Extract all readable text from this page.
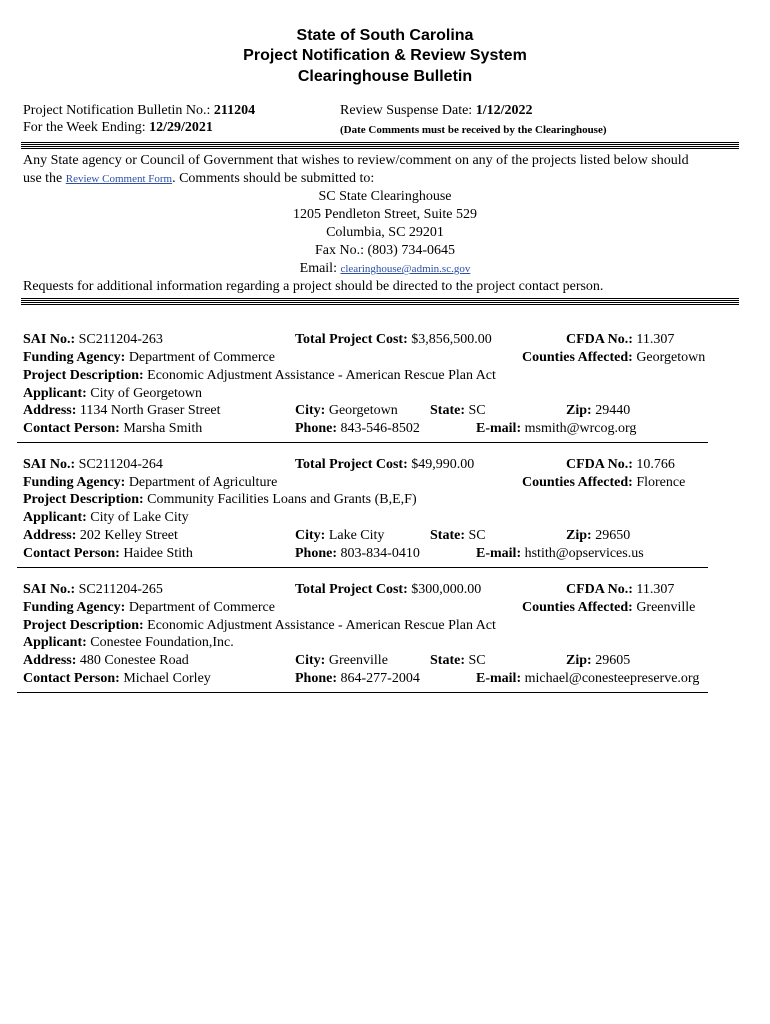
State of South Carolina
Project Notification & Review System
Clearinghouse Bulletin
Project Notification Bulletin No.: 211204
For the Week Ending: 12/29/2021
Review Suspense Date: 1/12/2022
(Date Comments must be received by the Clearinghouse)
Any State agency or Council of Government that wishes to review/comment on any of the projects listed below should
use the Review Comment Form. Comments should be submitted to:
SC State Clearinghouse
1205 Pendleton Street, Suite 529
Columbia, SC 29201
Fax No.: (803) 734-0645
Email: clearinghouse@admin.sc.gov
Requests for additional information regarding a project should be directed to the project contact person.
SAI No.: SC211204-263	Total Project Cost: $3,856,500.00	CFDA No.: 11.307
Funding Agency: Department of Commerce	Counties Affected: Georgetown
Project Description: Economic Adjustment Assistance - American Rescue Plan Act
Applicant: City of Georgetown
Address: 1134 North Graser Street	City: Georgetown State: SC	Zip: 29440
Contact Person: Marsha Smith	Phone: 843-546-8502	E-mail: msmith@wrcog.org
SAI No.: SC211204-264	Total Project Cost: $49,990.00	CFDA No.: 10.766
Funding Agency: Department of Agriculture	Counties Affected: Florence
Project Description: Community Facilities Loans and Grants (B,E,F)
Applicant: City of Lake City
Address: 202 Kelley Street	City: Lake City	State: SC	Zip: 29650
Contact Person: Haidee Stith	Phone: 803-834-0410	E-mail: hstith@opservices.us
SAI No.: SC211204-265	Total Project Cost: $300,000.00	CFDA No.: 11.307
Funding Agency: Department of Commerce	Counties Affected: Greenville
Project Description: Economic Adjustment Assistance - American Rescue Plan Act
Applicant: Conestee Foundation,Inc.
Address: 480 Conestee Road	City: Greenville	State: SC	Zip: 29605
Contact Person: Michael Corley	Phone: 864-277-2004	E-mail: michael@conesteepreserve.org
